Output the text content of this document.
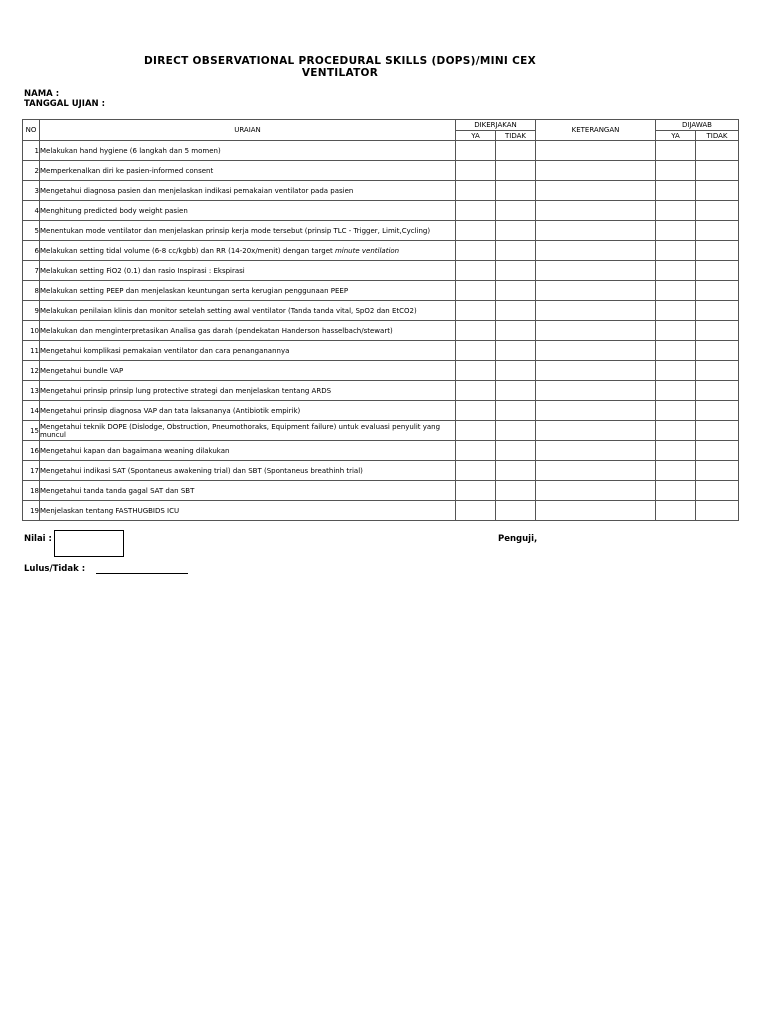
DIRECT OBSERVATIONAL PROCEDURAL SKILLS (DOPS)/MINI CEX
VENTILATOR
NAMA :
TANGGAL UJIAN :
NO	URAIAN	DIKERJAKAN		KETERANGAN	DIJAWAB	
		YA	TIDAK		YA	TIDAK
1	Melakukan hand hygiene (6 langkah dan 5 momen)					
2	Memperkenalkan diri ke pasien-informed consent					
3	Mengetahui diagnosa pasien dan menjelaskan indikasi pemakaian ventilator pada pasien					
4	Menghitung predicted body weight pasien					
5	Menentukan mode ventilator dan menjelaskan prinsip kerja mode tersebut (prinsip TLC - Trigger, Limit,Cycling)					
6	Melakukan setting tidal volume (6-8 cc/kgbb) dan RR (14-20x/menit) dengan target minute ventilation					
7	Melakukan setting FiO2 (0.1) dan rasio Inspirasi : Ekspirasi					
8	Melakukan setting PEEP dan menjelaskan keuntungan serta kerugian penggunaan PEEP					
9	Melakukan penilaian klinis dan monitor setelah setting awal ventilator (Tanda tanda vital, SpO2 dan EtCO2)					
10	Melakukan dan menginterpretasikan Analisa gas darah (pendekatan Handerson hasselbach/stewart)					
11	Mengetahui komplikasi pemakaian ventilator dan cara penanganannya					
12	Mengetahui bundle VAP					
13	Mengetahui prinsip prinsip lung protective strategi dan menjelaskan tentang ARDS					
14	Mengetahui prinsip diagnosa VAP dan tata laksananya (Antibiotik empirik)					
15	Mengetahui teknik DOPE (Dislodge, Obstruction, Pneumothoraks, Equipment failure) untuk evaluasi penyulit yang muncul					
16	Mengetahui kapan dan bagaimana weaning dilakukan					
17	Mengetahui indikasi SAT (Spontaneus awakening trial) dan SBT (Spontaneus breathinh trial)					
18	Mengetahui tanda tanda gagal SAT dan SBT					
19	Menjelaskan tentang FASTHUGBIDS ICU					
Nilai :	Penguji,
Lulus/Tidak :
